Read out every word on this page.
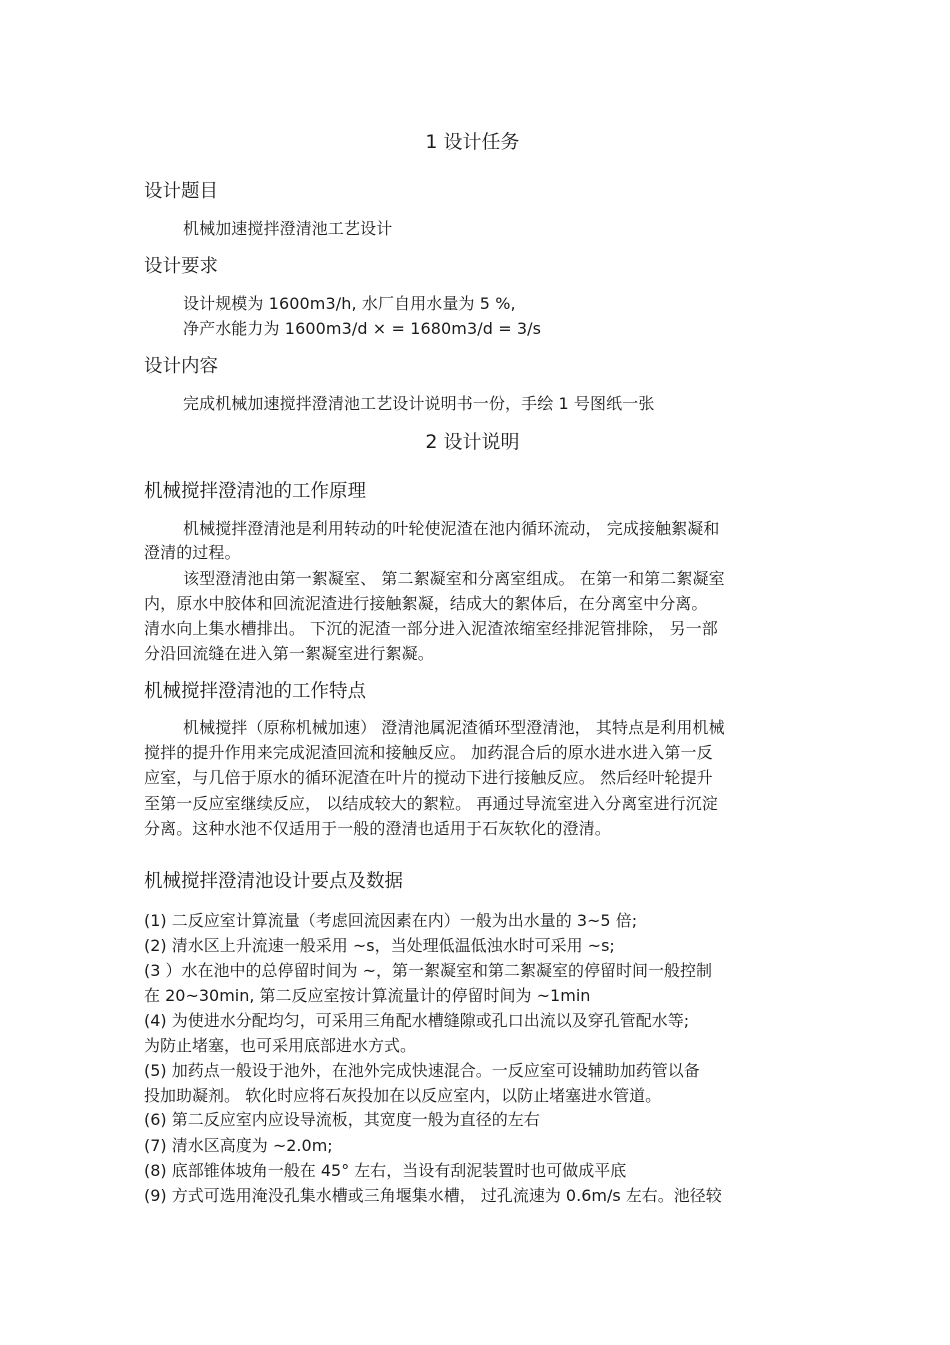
1 设计任务
设计题目
机械加速搅拌澄清池工艺设计
设计要求
设计规模为 1600m3/h, 水厂自用水量为 5 %,
净产水能力为 1600m3/d × = 1680m3/d = 3/s
设计内容
完成机械加速搅拌澄清池工艺设计说明书一份，手绘 1 号图纸一张
2 设计说明
机械搅拌澄清池的工作原理
机械搅拌澄清池是利用转动的叶轮使泥渣在池内循环流动， 完成接触絮凝和
澄清的过程。
该型澄清池由第一絮凝室、 第二絮凝室和分离室组成。 在第一和第二絮凝室
内，原水中胶体和回流泥渣进行接触絮凝，结成大的絮体后，在分离室中分离。
清水向上集水槽排出。 下沉的泥渣一部分进入泥渣浓缩室经排泥管排除， 另一部
分沿回流缝在进入第一絮凝室进行絮凝。
机械搅拌澄清池的工作特点
机械搅拌（原称机械加速） 澄清池属泥渣循环型澄清池， 其特点是利用机械
搅拌的提升作用来完成泥渣回流和接触反应。 加药混合后的原水进水进入第一反
应室，与几倍于原水的循环泥渣在叶片的搅动下进行接触反应。 然后经叶轮提升
至第一反应室继续反应， 以结成较大的絮粒。 再通过导流室进入分离室进行沉淀
分离。这种水池不仅适用于一般的澄清也适用于石灰软化的澄清。
机械搅拌澄清池设计要点及数据
(1) 二反应室计算流量（考虑回流因素在内）一般为出水量的 3~5 倍;
(2) 清水区上升流速一般采用 ~s，当处理低温低浊水时可采用 ~s;
(3 ）水在池中的总停留时间为 ~，第一絮凝室和第二絮凝室的停留时间一般控制
在 20~30min, 第二反应室按计算流量计的停留时间为 ~1min
(4) 为使进水分配均匀，可采用三角配水槽缝隙或孔口出流以及穿孔管配水等;
为防止堵塞，也可采用底部进水方式。
(5) 加药点一般设于池外，在池外完成快速混合。一反应室可设辅助加药管以备
投加助凝剂。 软化时应将石灰投加在以反应室内，以防止堵塞进水管道。
(6) 第二反应室内应设导流板，其宽度一般为直径的左右
(7) 清水区高度为 ~2.0m;
(8) 底部锥体坡角一般在 45° 左右，当设有刮泥装置时也可做成平底
(9) 方式可选用淹没孔集水槽或三角堰集水槽， 过孔流速为 0.6m/s 左右。池径较
